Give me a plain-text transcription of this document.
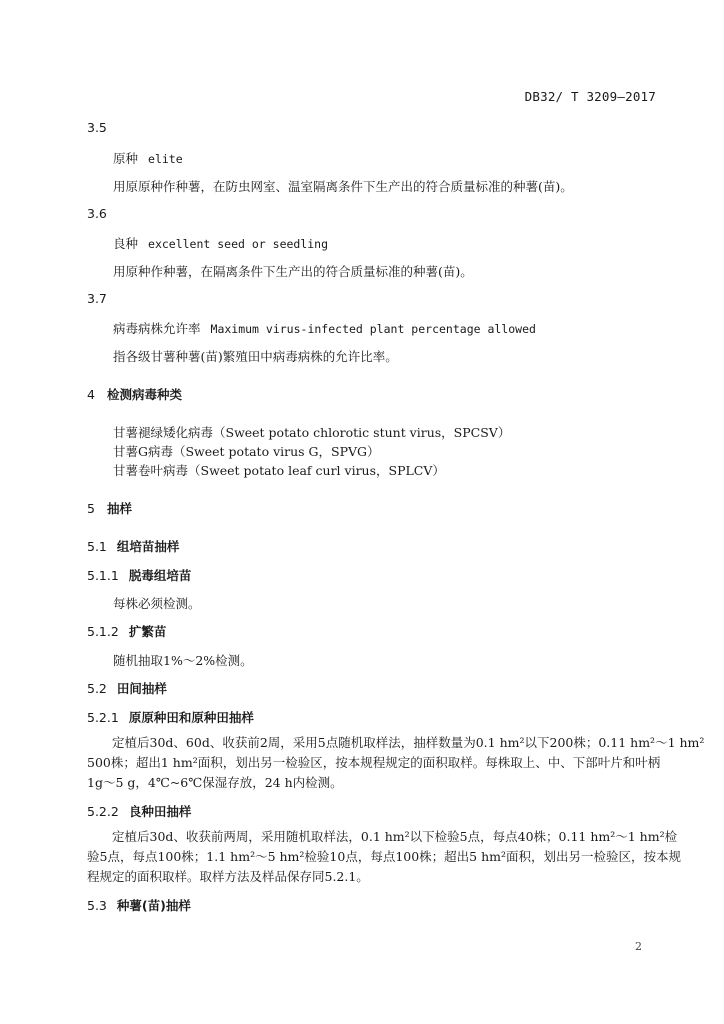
DB32/ T 3209—2017
3.5
原种 elite
用原原种作种薯，在防虫网室、温室隔离条件下生产出的符合质量标准的种薯(苗)。
3.6
良种 excellent seed or seedling
用原种作种薯，在隔离条件下生产出的符合质量标准的种薯(苗)。
3.7
病毒病株允许率 Maximum virus-infected plant percentage allowed
指各级甘薯种薯(苗)繁殖田中病毒病株的允许比率。
4 检测病毒种类
甘薯褪绿矮化病毒（Sweet potato chlorotic stunt virus，SPCSV）
甘薯G病毒（Sweet potato virus G，SPVG）
甘薯卷叶病毒（Sweet potato leaf curl virus，SPLCV）
5 抽样
5.1 组培苗抽样
5.1.1 脱毒组培苗
每株必须检测。
5.1.2 扩繁苗
随机抽取1%～2%检测。
5.2 田间抽样
5.2.1 原原种田和原种田抽样
　　定植后30d、60d、收获前2周，采用5点随机取样法，抽样数量为0.1 hm²以下200株；0.11 hm²～1 hm²
500株；超出1 hm²面积，划出另一检验区，按本规程规定的面积取样。每株取上、中、下部叶片和叶柄
1g～5 g，4℃~6℃保湿存放，24 h内检测。
5.2.2 良种田抽样
　　定植后30d、收获前两周，采用随机取样法，0.1 hm²以下检验5点，每点40株；0.11 hm²～1 hm²检
验5点，每点100株；1.1 hm²～5 hm²检验10点，每点100株；超出5 hm²面积，划出另一检验区，按本规
程规定的面积取样。取样方法及样品保存同5.2.1。
5.3 种薯(苗)抽样
2
